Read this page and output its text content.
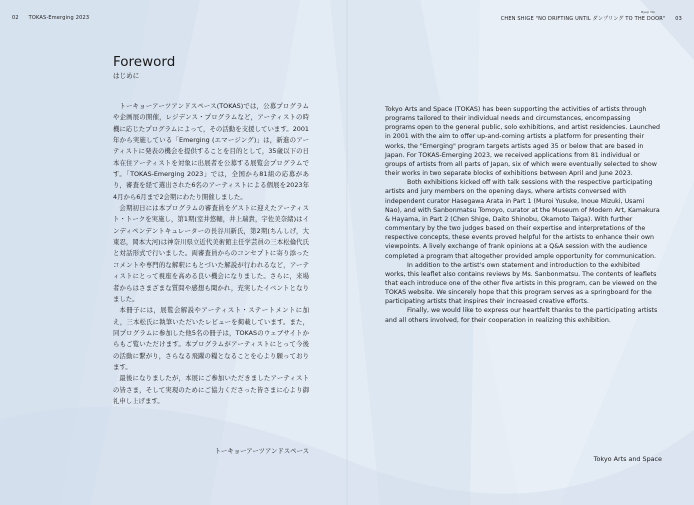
02 TOKAS-Emerging 2023
Ryuji Ito
CHEN SHIGE "NO DRIFTING UNTIL ダンプリング TO THE DOOR" 03
Foreword
はじめに

トーキョーアーツアンドスペース(TOKAS)では，公募プログラムや企画展の開催，レジデンス・プログラムなど，アーティストの時機に応じたプログラムによって，その活動を支援しています。2001年から実施している「Emerging (エマージング)」は，新進のアーティストに発表の機会を提供することを目的として，35歳以下の日本在住アーティストを対象に出展者を公募する展覧会プログラムです。「TOKAS-Emerging 2023」では，全国から81組の応募があり，審査を経て選出された6名のアーティストによる個展を2023年4月から6月まで2会期にわたり開催しました。

会期初日には本プログラムの審査員をゲストに迎えたアーティスト・トークを実施し，第1期(室井悠輔，井上瑞貴，宇佐美奈緒)はインディペンデントキュレーターの長谷川新氏，第2期(ちんしげ，大東忍，岡本大河)は神奈川県立近代美術館主任学芸員の三本松倫代氏と対話形式で行いました。両審査員からのコンセプトに寄り添ったコメントや専門的な解釈にもとづいた解説が行われるなど，アーティストにとって視座を高める良い機会になりました。さらに，来場者からはさまざまな質問や感想も聞かれ，充実したイベントとなりました。

本冊子には，展覧会解説やアーティスト・ステートメントに加え，三本松氏に執筆いただいたレビューを掲載しています。また，同プログラムに参加した他5名の冊子は，TOKASのウェブサイトからもご覧いただけます。本プログラムがアーティストにとって今後の活動に繋がり，さらなる飛躍の糧となることを心より願っております。

最後になりましたが，本展にご参加いただきましたアーティストの皆さま，そして実現のためにご協力くださった皆さまに心より御礼申し上げます。

トーキョーアーツアンドスペース

Tokyo Arts and Space (TOKAS) has been supporting the activities of artists through programs tailored to their individual needs and circumstances, encompassing programs open to the general public, solo exhibitions, and artist residencies. Launched in 2001 with the aim to offer up-and-coming artists a platform for presenting their works, the "Emerging" program targets artists aged 35 or below that are based in Japan. For TOKAS-Emerging 2023, we received applications from 81 individual or groups of artists from all parts of Japan, six of which were eventually selected to show their works in two separate blocks of exhibitions between April and June 2023.

Both exhibitions kicked off with talk sessions with the respective participating artists and jury members on the opening days, where artists conversed with independent curator Hasegawa Arata in Part 1 (Muroi Yusuke, Inoue Mizuki, Usami Nao), and with Sanbonmatsu Tomoyo, curator at the Museum of Modern Art, Kamakura & Hayama, in Part 2 (Chen Shige, Daito Shinobu, Okamoto Taiga). With further commentary by the two judges based on their expertise and interpretations of the respective concepts, these events proved helpful for the artists to enhance their own viewpoints. A lively exchange of frank opinions at a Q&A session with the audience completed a program that altogether provided ample opportunity for communication.

In addition to the artist's own statement and introduction to the exhibited works, this leaflet also contains reviews by Ms. Sanbonmatsu. The contents of leaflets that each introduce one of the other five artists in this program, can be viewed on the TOKAS website. We sincerely hope that this program serves as a springboard for the participating artists that inspires their increased creative efforts.

Finally, we would like to express our heartfelt thanks to the participating artists and all others involved, for their cooperation in realizing this exhibition.

Tokyo Arts and Space
